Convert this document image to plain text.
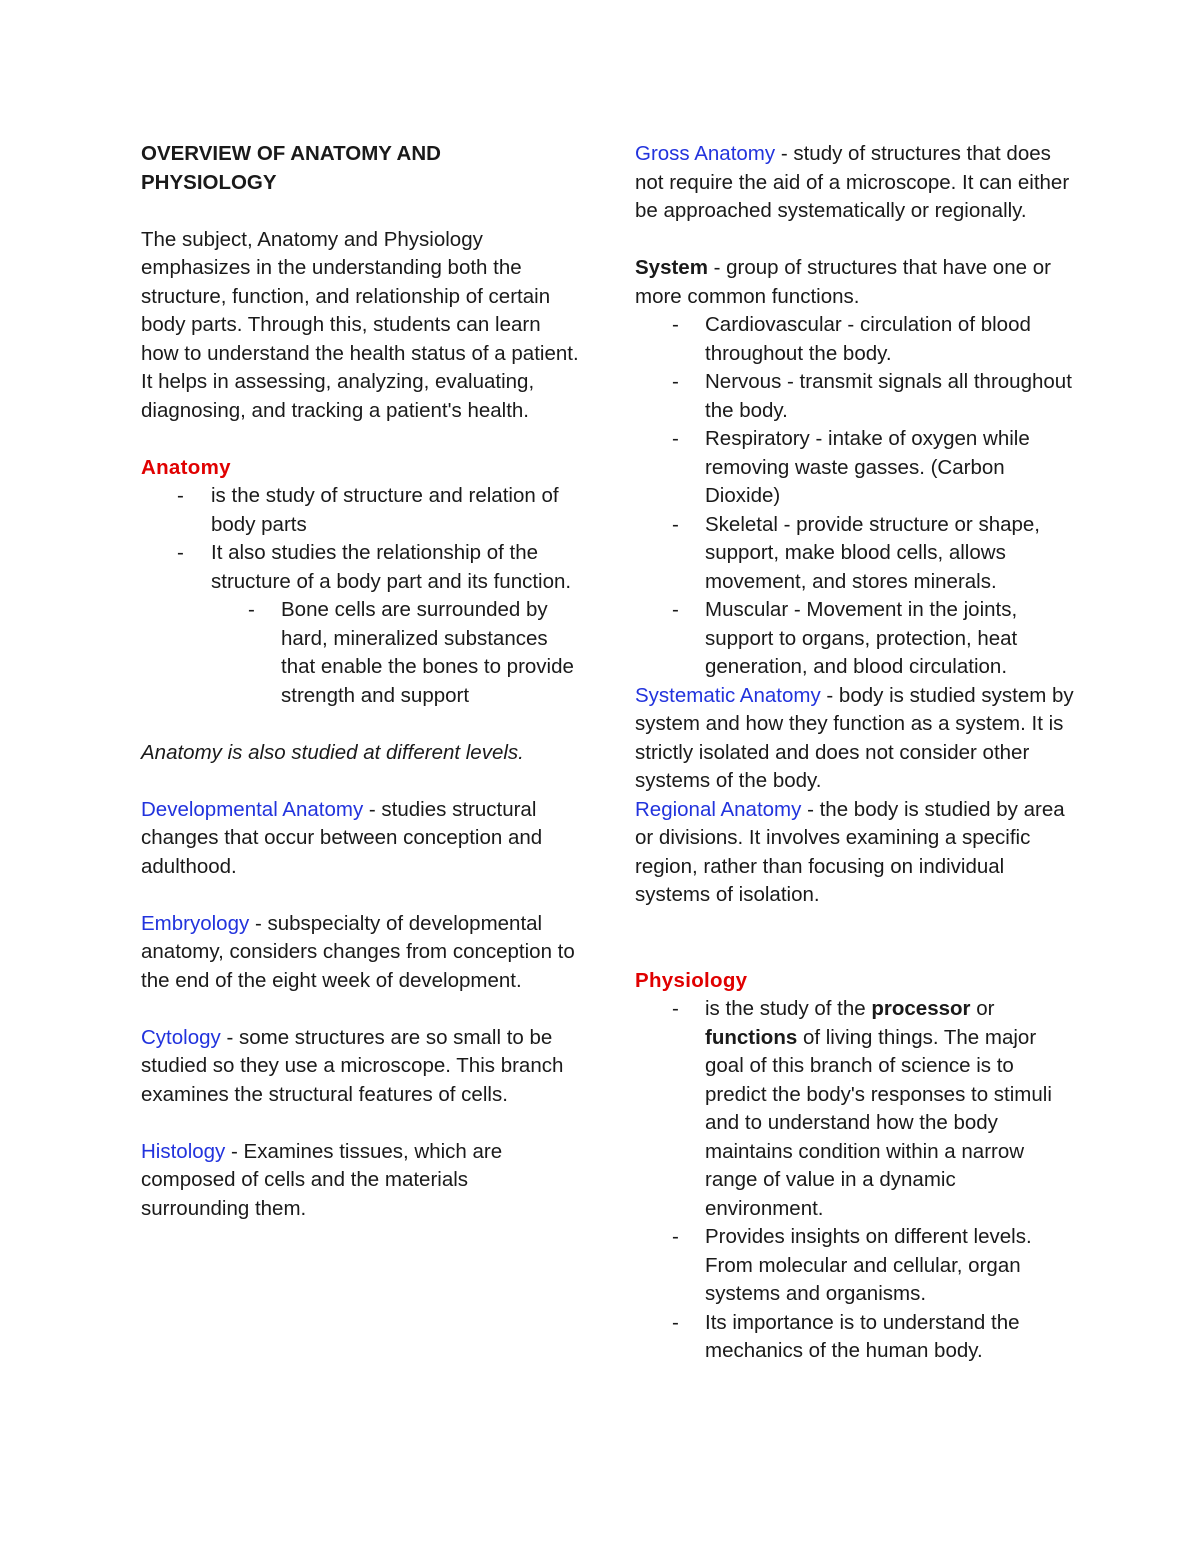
OVERVIEW OF ANATOMY AND PHYSIOLOGY

The subject, Anatomy and Physiology emphasizes in the understanding both the structure, function, and relationship of certain body parts. Through this, students can learn how to understand the health status of a patient. It helps in assessing, analyzing, evaluating, diagnosing, and tracking a patient's health.

Anatomy

- is the study of structure and relation of body parts
- It also studies the relationship of the structure of a body part and its function.
- Bone cells are surrounded by hard, mineralized substances that enable the bones to provide strength and support

Anatomy is also studied at different levels.

Developmental Anatomy - studies structural changes that occur between conception and adulthood.

Embryology - subspecialty of developmental anatomy, considers changes from conception to the end of the eight week of development.

Cytology - some structures are so small to be studied so they use a microscope. This branch examines the structural features of cells.

Histology - Examines tissues, which are composed of cells and the materials surrounding them.

Gross Anatomy - study of structures that does not require the aid of a microscope. It can either be approached systematically or regionally.

System - group of structures that have one or more common functions.

- Cardiovascular - circulation of blood throughout the body.
- Nervous - transmit signals all throughout the body.
- Respiratory - intake of oxygen while removing waste gasses. (Carbon Dioxide)
- Skeletal - provide structure or shape, support, make blood cells, allows movement, and stores minerals.
- Muscular - Movement in the joints, support to organs, protection, heat generation, and blood circulation.

Systematic Anatomy - body is studied system by system and how they function as a system. It is strictly isolated and does not consider other systems of the body.

Regional Anatomy - the body is studied by area or divisions. It involves examining a specific region, rather than focusing on individual systems of isolation.

Physiology

- is the study of the processor or functions of living things. The major goal of this branch of science is to predict the body's responses to stimuli and to understand how the body maintains condition within a narrow range of value in a dynamic environment.
- Provides insights on different levels. From molecular and cellular, organ systems and organisms.
- Its importance is to understand the mechanics of the human body.
